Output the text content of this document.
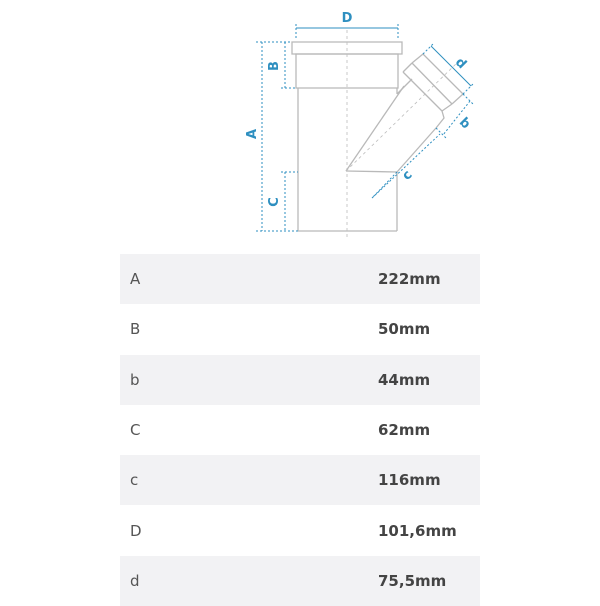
D
A
B
C
d
b
c
A	222mm
B	50mm
b	44mm
C	62mm
c	116mm
D	101,6mm
d	75,5mm
